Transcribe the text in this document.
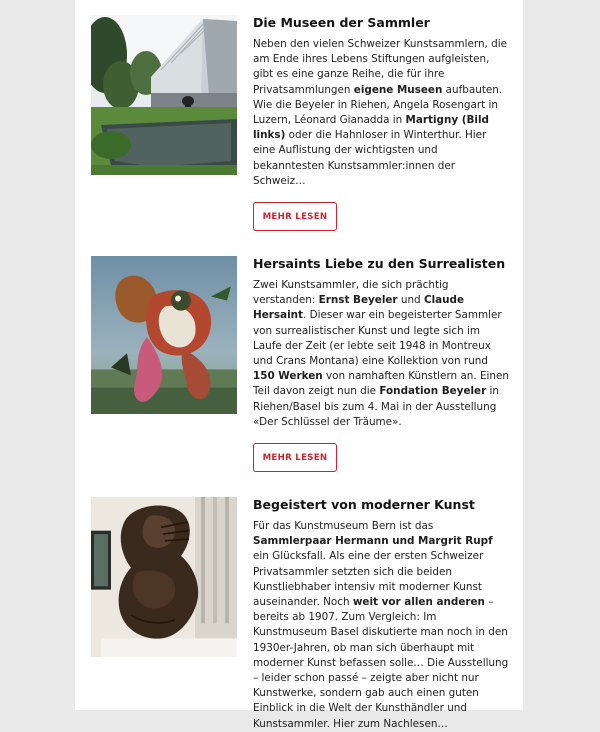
Die Museen der Sammler

Neben den vielen Schweizer Kunstsammlern, die am Ende ihres Lebens Stiftungen aufgleisten, gibt es eine ganze Reihe, die für ihre Privatsammlungen eigene Museen aufbauten. Wie die Beyeler in Riehen, Angela Rosengart in Luzern, Léonard Gianadda in Martigny (Bild links) oder die Hahnloser in Winterthur. Hier eine Auflistung der wichtigsten und bekanntesten Kunstsammler:innen der Schweiz…

MEHR LESEN
Hersaints Liebe zu den Surrealisten

Zwei Kunstsammler, die sich prächtig verstanden: Ernst Beyeler und Claude Hersaint. Dieser war ein begeisterter Sammler von surrealistischer Kunst und legte sich im Laufe der Zeit (er lebte seit 1948 in Montreux und Crans Montana) eine Kollektion von rund 150 Werken von namhaften Künstlern an. Einen Teil davon zeigt nun die Fondation Beyeler in Riehen/Basel bis zum 4. Mai in der Ausstellung «Der Schlüssel der Träume».

MEHR LESEN
Begeistert von moderner Kunst

Für das Kunstmuseum Bern ist das Sammlerpaar Hermann und Margrit Rupf ein Glücksfall. Als eine der ersten Schweizer Privatsammler setzten sich die beiden Kunstliebhaber intensiv mit moderner Kunst auseinander. Noch weit vor allen anderen – bereits ab 1907. Zum Vergleich: Im Kunstmuseum Basel diskutierte man noch in den 1930er-Jahren, ob man sich überhaupt mit moderner Kunst befassen solle… Die Ausstellung – leider schon passé – zeigte aber nicht nur Kunstwerke, sondern gab auch einen guten Einblick in die Welt der Kunsthändler und Kunstsammler. Hier zum Nachlesen…
